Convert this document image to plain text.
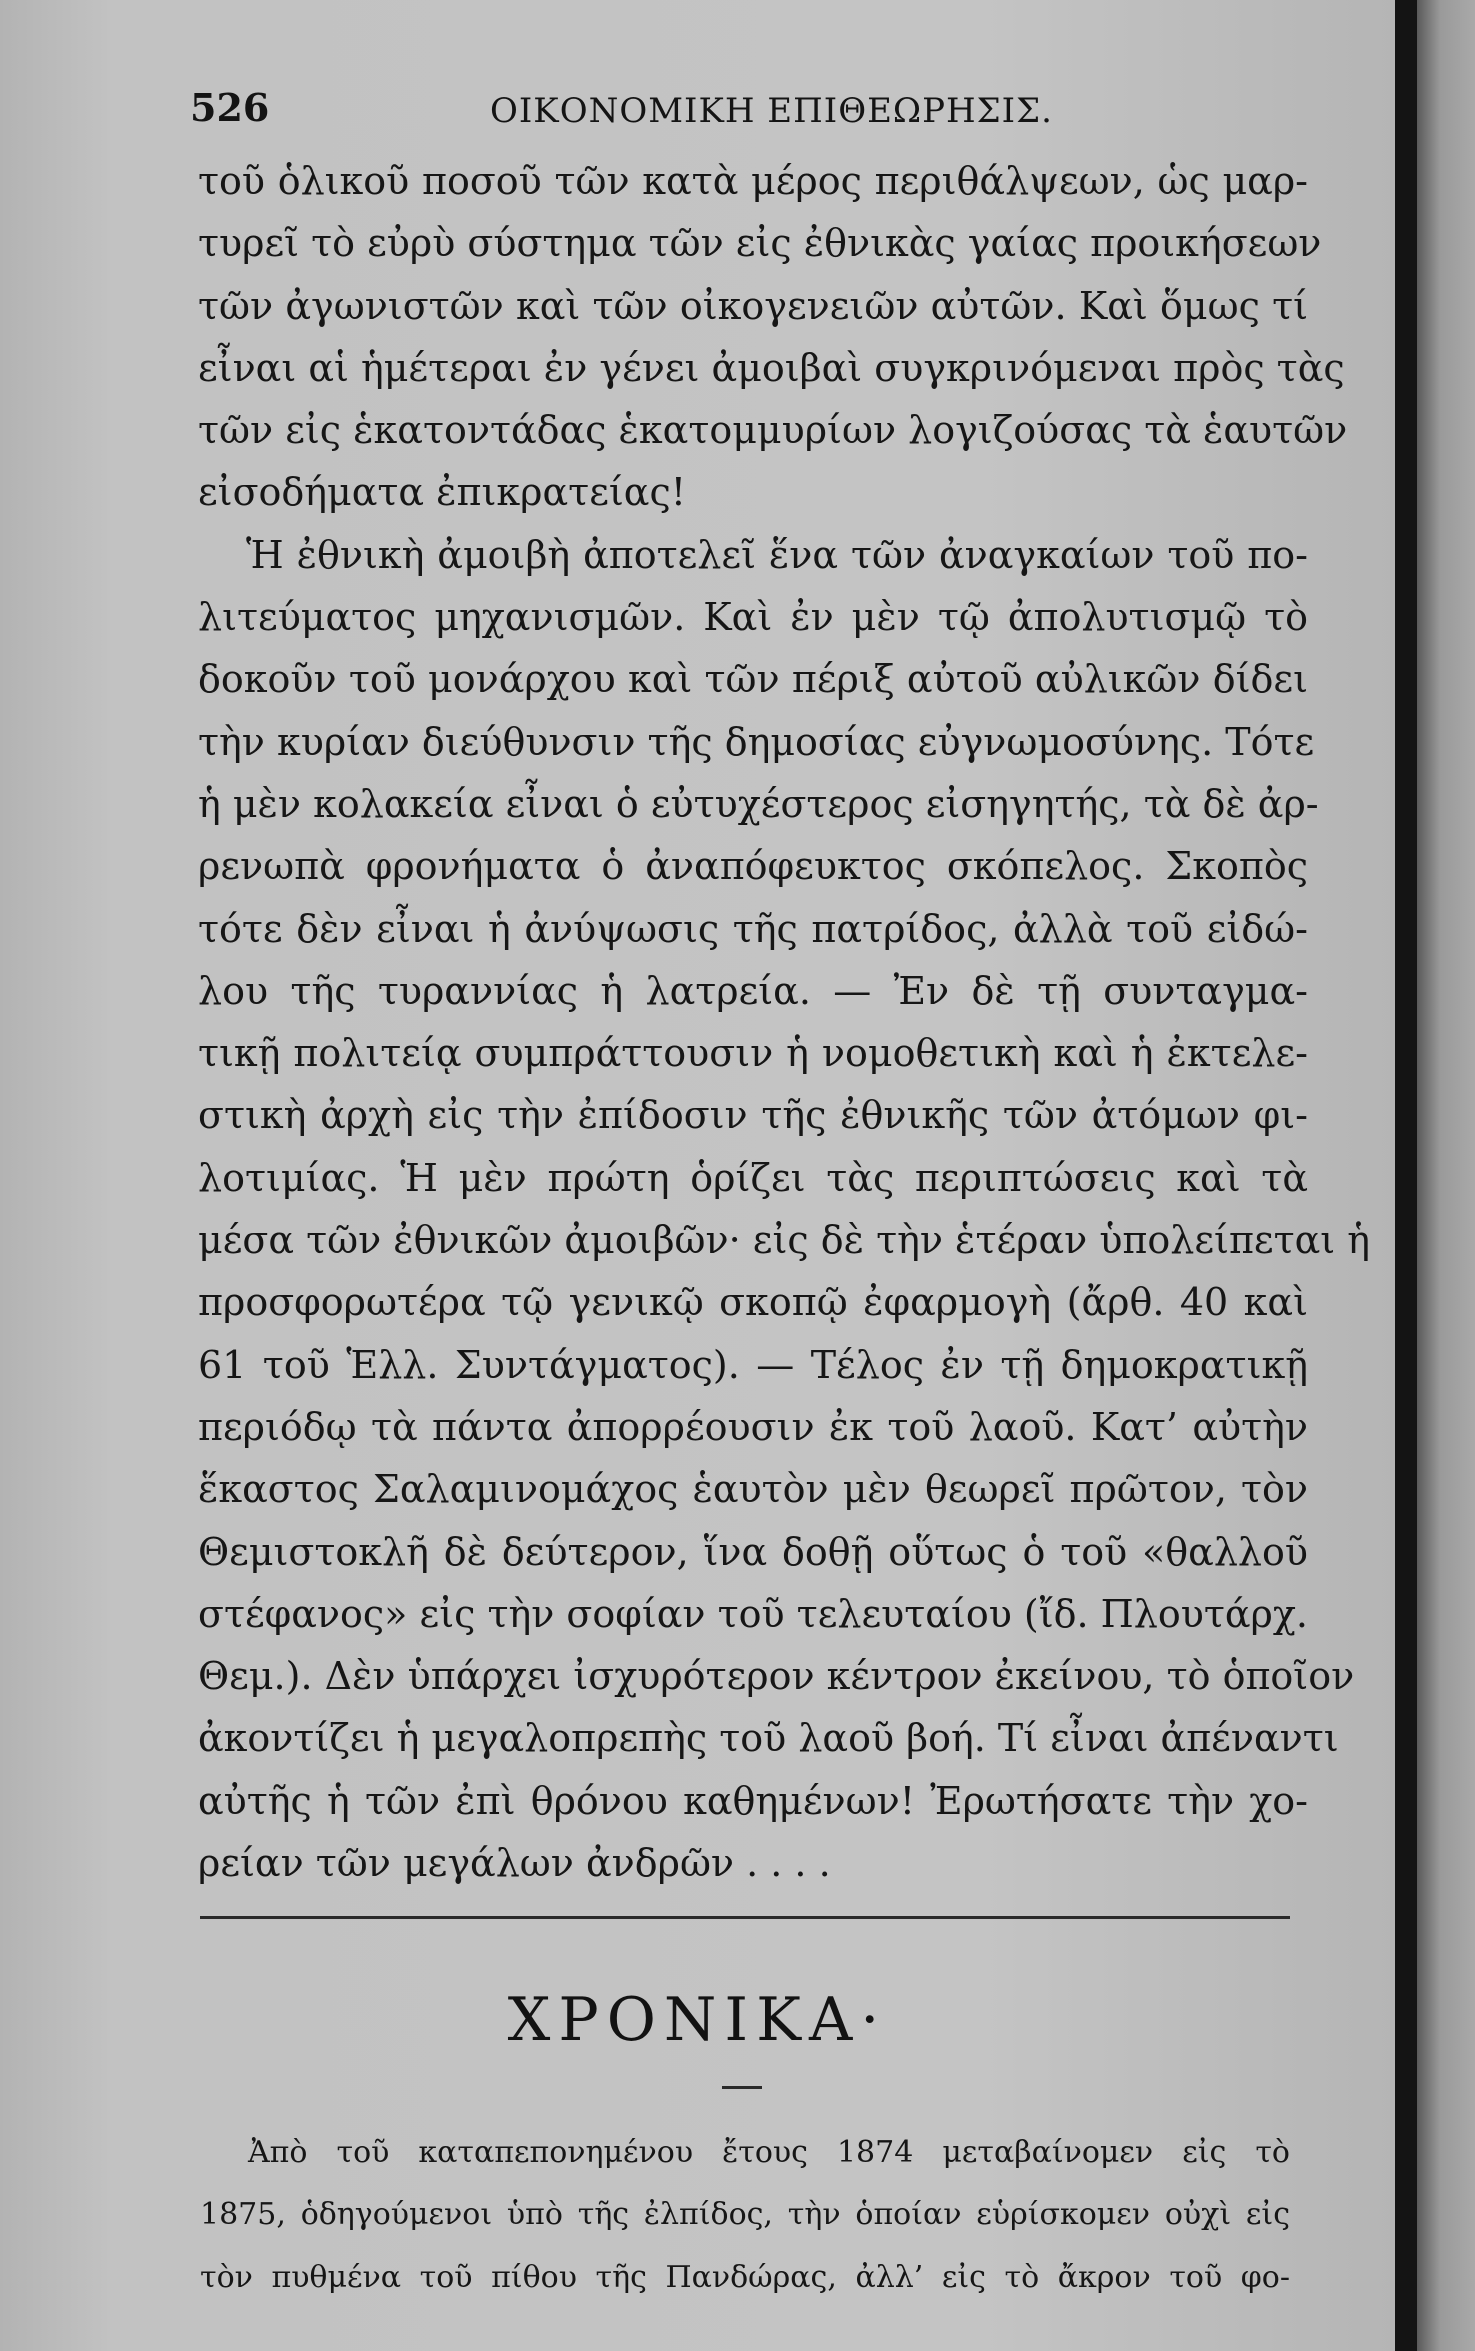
526	ΟΙΚΟΝΟΜΙΚΗ ΕΠΙΘΕΩΡΗΣΙΣ.
τοῦ ὁλικοῦ ποσοῦ τῶν κατὰ μέρος περιθάλψεων, ὡς μαρ-
τυρεῖ τὸ εὐρὺ σύστημα τῶν εἰς ἐθνικὰς γαίας προικήσεων
τῶν ἀγωνιστῶν καὶ τῶν οἰκογενειῶν αὐτῶν. Καὶ ὅμως τί
εἶναι αἱ ἡμέτεραι ἐν γένει ἀμοιβαὶ συγκρινόμεναι πρὸς τὰς
τῶν εἰς ἑκατοντάδας ἑκατομμυρίων λογιζούσας τὰ ἑαυτῶν
εἰσοδήματα ἐπικρατείας!
Ἡ ἐθνικὴ ἀμοιβὴ ἀποτελεῖ ἕνα τῶν ἀναγκαίων τοῦ πο-
λιτεύματος μηχανισμῶν. Καὶ ἐν μὲν τῷ ἀπολυτισμῷ τὸ
δοκοῦν τοῦ μονάρχου καὶ τῶν πέριξ αὐτοῦ αὐλικῶν δίδει
τὴν κυρίαν διεύθυνσιν τῆς δημοσίας εὐγνωμοσύνης. Τότε
ἡ μὲν κολακεία εἶναι ὁ εὐτυχέστερος εἰσηγητής, τὰ δὲ ἀρ-
ρενωπὰ φρονήματα ὁ ἀναπόφευκτος σκόπελος. Σκοπὸς
τότε δὲν εἶναι ἡ ἀνύψωσις τῆς πατρίδος, ἀλλὰ τοῦ εἰδώ-
λου τῆς τυραννίας ἡ λατρεία. — Ἐν δὲ τῇ συνταγμα-
τικῇ πολιτείᾳ συμπράττουσιν ἡ νομοθετικὴ καὶ ἡ ἐκτελε-
στικὴ ἀρχὴ εἰς τὴν ἐπίδοσιν τῆς ἐθνικῆς τῶν ἀτόμων φι-
λοτιμίας. Ἡ μὲν πρώτη ὁρίζει τὰς περιπτώσεις καὶ τὰ
μέσα τῶν ἐθνικῶν ἀμοιβῶν· εἰς δὲ τὴν ἑτέραν ὑπολείπεται ἡ
προσφορωτέρα τῷ γενικῷ σκοπῷ ἐφαρμογὴ (ἄρθ. 40 καὶ
61 τοῦ Ἑλλ. Συντάγματος). — Τέλος ἐν τῇ δημοκρατικῇ
περιόδῳ τὰ πάντα ἀπορρέουσιν ἐκ τοῦ λαοῦ. Κατ’ αὐτὴν
ἕκαστος Σαλαμινομάχος ἑαυτὸν μὲν θεωρεῖ πρῶτον, τὸν
Θεμιστοκλῆ δὲ δεύτερον, ἵνα δοθῇ οὕτως ὁ τοῦ «θαλλοῦ
στέφανος» εἰς τὴν σοφίαν τοῦ τελευταίου (ἴδ. Πλουτάρχ.
Θεμ.). Δὲν ὑπάρχει ἰσχυρότερον κέντρον ἐκείνου, τὸ ὁποῖον
ἀκοντίζει ἡ μεγαλοπρεπὴς τοῦ λαοῦ βοή. Τί εἶναι ἀπέναντι
αὐτῆς ἡ τῶν ἐπὶ θρόνου καθημένων! Ἐρωτήσατε τὴν χο-
ρείαν τῶν μεγάλων ἀνδρῶν . . . .
ΧΡΟΝΙΚΑ·
Ἀπὸ τοῦ καταπεπονημένου ἔτους 1874 μεταβαίνομεν εἰς τὸ
1875, ὁδηγούμενοι ὑπὸ τῆς ἐλπίδος, τὴν ὁποίαν εὑρίσκομεν οὐχὶ εἰς
τὸν πυθμένα τοῦ πίθου τῆς Πανδώρας, ἀλλ’ εἰς τὸ ἄκρον τοῦ φο-
